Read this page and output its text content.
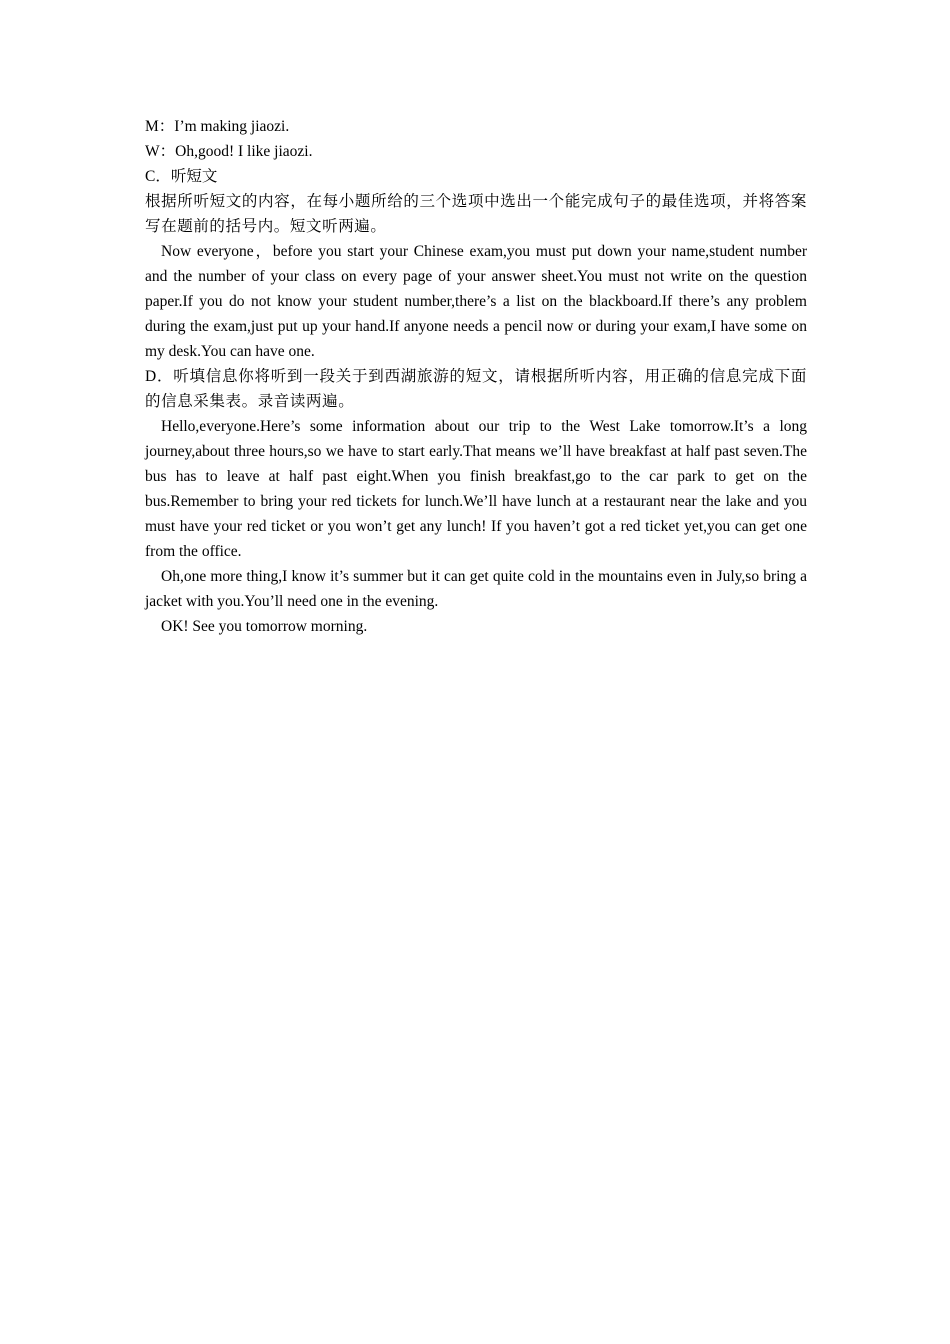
M：I’m making jiaozi.

W：Oh,good! I like jiaozi.

C．听短文

根据所听短文的内容，在每小题所给的三个选项中选出一个能完成句子的最佳选项，并将答案写在题前的括号内。短文听两遍。

Now everyone，before you start your Chinese exam,you must put down your name,student number and the number of your class on every page of your answer sheet.You must not write on the question paper.If you do not know your student number,there’s a list on the blackboard.If there’s any problem during the exam,just put up your hand.If anyone needs a pencil now or during your exam,I have some on my desk.You can have one.

D．听填信息你将听到一段关于到西湖旅游的短文，请根据所听内容，用正确的信息完成下面的信息采集表。录音读两遍。

Hello,everyone.Here’s some information about our trip to the West Lake tomorrow.It’s a long journey,about three hours,so we have to start early.That means we’ll have breakfast at half past seven.The bus has to leave at half past eight.When you finish breakfast,go to the car park to get on the bus.Remember to bring your red tickets for lunch.We’ll have lunch at a restaurant near the lake and you must have your red ticket or you won’t get any lunch! If you haven’t got a red ticket yet,you can get one from the office.

Oh,one more thing,I know it’s summer but it can get quite cold in the mountains even in July,so bring a jacket with you.You’ll need one in the evening.

OK! See you tomorrow morning.
